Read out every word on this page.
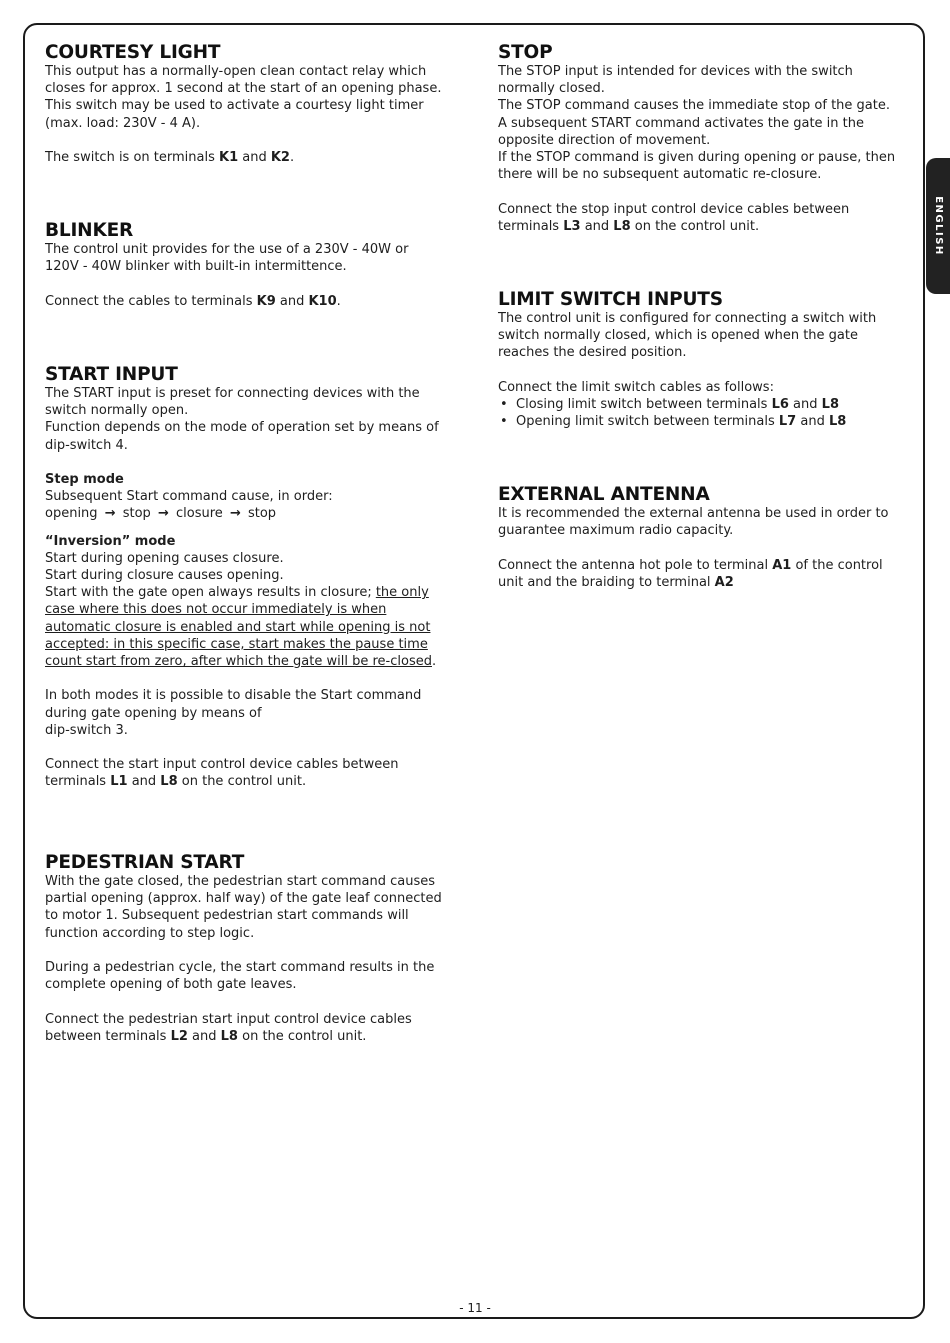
ENGLISH
COURTESY LIGHT

This output has a normally-open clean contact relay which closes for approx. 1 second at the start of an opening phase.

This switch may be used to activate a courtesy light timer (max. load: 230V - 4 A).

The switch is on terminals K1 and K2.

BLINKER

The control unit provides for the use of a 230V - 40W or

120V - 40W blinker with built-in intermittence.

Connect the cables to terminals K9 and K10.

START INPUT

The START input is preset for connecting devices with the switch normally open.

Function depends on the mode of operation set by means of dip-switch 4.

Step mode

Subsequent Start command cause, in order:

opening → stop → closure → stop

“Inversion” mode

Start during opening causes closure.

Start during closure causes opening.

Start with the gate open always results in closure; the only case where this does not occur immediately is when automatic closure is enabled and start while opening is not accepted: in this specific case, start makes the pause time count start from zero, after which the gate will be re-closed.

In both modes it is possible to disable the Start command during gate opening by means of

dip-switch 3.

Connect the start input control device cables between terminals L1 and L8 on the control unit.

PEDESTRIAN START

With the gate closed, the pedestrian start command causes partial opening (approx. half way) of the gate leaf connected to motor 1. Subsequent pedestrian start commands will function according to step logic.

During a pedestrian cycle, the start command results in the complete opening of both gate leaves.

Connect the pedestrian start input control device cables between terminals L2 and L8 on the control unit.

STOP

The STOP input is intended for devices with the switch normally closed.

The STOP command causes the immediate stop of the gate.

A subsequent START command activates the gate in the opposite direction of movement.

If the STOP command is given during opening or pause, then there will be no subsequent automatic re-closure.

Connect the stop input control device cables between terminals L3 and L8 on the control unit.

LIMIT SWITCH INPUTS

The control unit is configured for connecting a switch with switch normally closed, which is opened when the gate reaches the desired position.

Connect the limit switch cables as follows:

• Closing limit switch between terminals L6 and L8
• Opening limit switch between terminals L7 and L8
EXTERNAL ANTENNA

It is recommended the external antenna be used in order to guarantee maximum radio capacity.

Connect the antenna hot pole to terminal A1 of the control unit and the braiding to terminal A2

- 11 -
